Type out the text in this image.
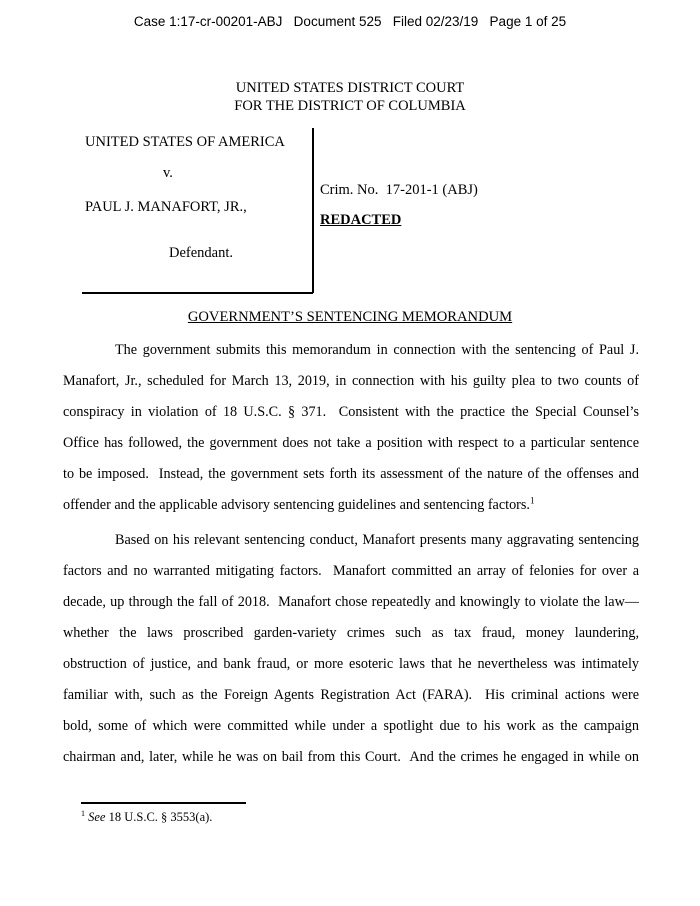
Case 1:17-cr-00201-ABJ   Document 525   Filed 02/23/19   Page 1 of 25
UNITED STATES DISTRICT COURT
FOR THE DISTRICT OF COLUMBIA
UNITED STATES OF AMERICA
v.
PAUL J. MANAFORT, JR.,
Defendant.
Crim. No.  17-201-1 (ABJ)
REDACTED
GOVERNMENT’S SENTENCING MEMORANDUM
The government submits this memorandum in connection with the sentencing of Paul J.
Manafort, Jr., scheduled for March 13, 2019, in connection with his guilty plea to two counts of
conspiracy in violation of 18 U.S.C. § 371.  Consistent with the practice the Special Counsel’s
Office has followed, the government does not take a position with respect to a particular sentence
to be imposed.  Instead, the government sets forth its assessment of the nature of the offenses and
offender and the applicable advisory sentencing guidelines and sentencing factors.$^1$
Based on his relevant sentencing conduct, Manafort presents many aggravating sentencing
factors and no warranted mitigating factors.  Manafort committed an array of felonies for over a
decade, up through the fall of 2018.  Manafort chose repeatedly and knowingly to violate the law—
whether the laws proscribed garden-variety crimes such as tax fraud, money laundering,
obstruction of justice, and bank fraud, or more esoteric laws that he nevertheless was intimately
familiar with, such as the Foreign Agents Registration Act (FARA).  His criminal actions were
bold, some of which were committed while under a spotlight due to his work as the campaign
chairman and, later, while he was on bail from this Court.  And the crimes he engaged in while on
$^1$ See 18 U.S.C. § 3553(a).
